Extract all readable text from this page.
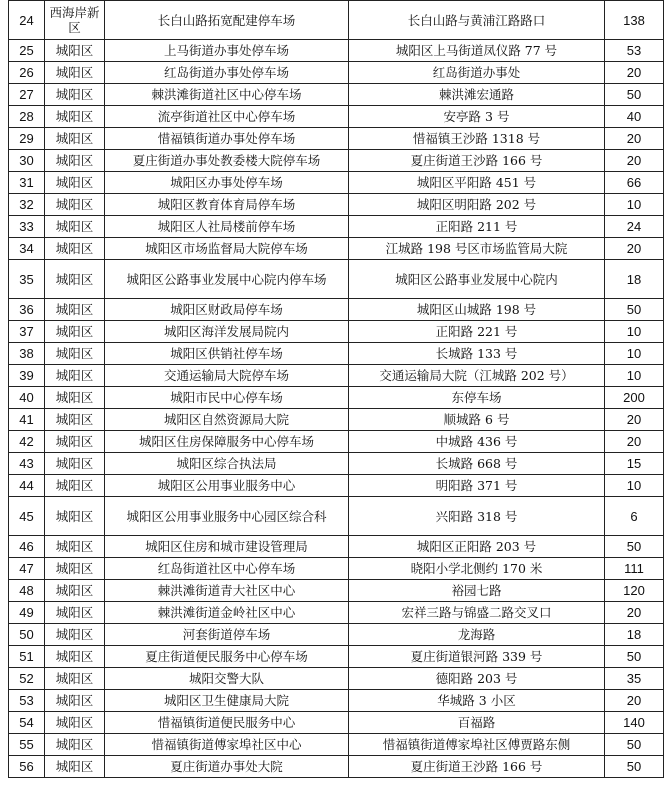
24	西海岸新区	长白山路拓宽配建停车场	长白山路与黄浦江路路口	138
25	城阳区	上马街道办事处停车场	城阳区上马街道凤仪路 77 号	53
26	城阳区	红岛街道办事处停车场	红岛街道办事处	20
27	城阳区	棘洪滩街道社区中心停车场	棘洪滩宏通路	50
28	城阳区	流亭街道社区中心停车场	安亭路 3 号	40
29	城阳区	惜福镇街道办事处停车场	惜福镇王沙路 1318 号	20
30	城阳区	夏庄街道办事处教委楼大院停车场	夏庄街道王沙路 166 号	20
31	城阳区	城阳区办事处停车场	城阳区平阳路 451 号	66
32	城阳区	城阳区教育体育局停车场	城阳区明阳路 202 号	10
33	城阳区	城阳区人社局楼前停车场	正阳路 211 号	24
34	城阳区	城阳区市场监督局大院停车场	江城路 198 号区市场监管局大院	20
35	城阳区	城阳区公路事业发展中心院内停车场	城阳区公路事业发展中心院内	18
36	城阳区	城阳区财政局停车场	城阳区山城路 198 号	50
37	城阳区	城阳区海洋发展局院内	正阳路 221 号	10
38	城阳区	城阳区供销社停车场	长城路 133 号	10
39	城阳区	交通运输局大院停车场	交通运输局大院（江城路 202 号）	10
40	城阳区	城阳市民中心停车场	东停车场	200
41	城阳区	城阳区自然资源局大院	顺城路 6 号	20
42	城阳区	城阳区住房保障服务中心停车场	中城路 436 号	20
43	城阳区	城阳区综合执法局	长城路 668 号	15
44	城阳区	城阳区公用事业服务中心	明阳路 371 号	10
45	城阳区	城阳区公用事业服务中心园区综合科	兴阳路 318 号	6
46	城阳区	城阳区住房和城市建设管理局	城阳区正阳路 203 号	50
47	城阳区	红岛街道社区中心停车场	晓阳小学北侧约 170 米	111
48	城阳区	棘洪滩街道青大社区中心	裕园七路	120
49	城阳区	棘洪滩街道金岭社区中心	宏祥三路与锦盛二路交叉口	20
50	城阳区	河套街道停车场	龙海路	18
51	城阳区	夏庄街道便民服务中心停车场	夏庄街道银河路 339 号	50
52	城阳区	城阳交警大队	德阳路 203 号	35
53	城阳区	城阳区卫生健康局大院	华城路 3 小区	20
54	城阳区	惜福镇街道便民服务中心	百福路	140
55	城阳区	惜福镇街道傅家埠社区中心	惜福镇街道傅家埠社区傅贾路东侧	50
56	城阳区	夏庄街道办事处大院	夏庄街道王沙路 166 号	50
